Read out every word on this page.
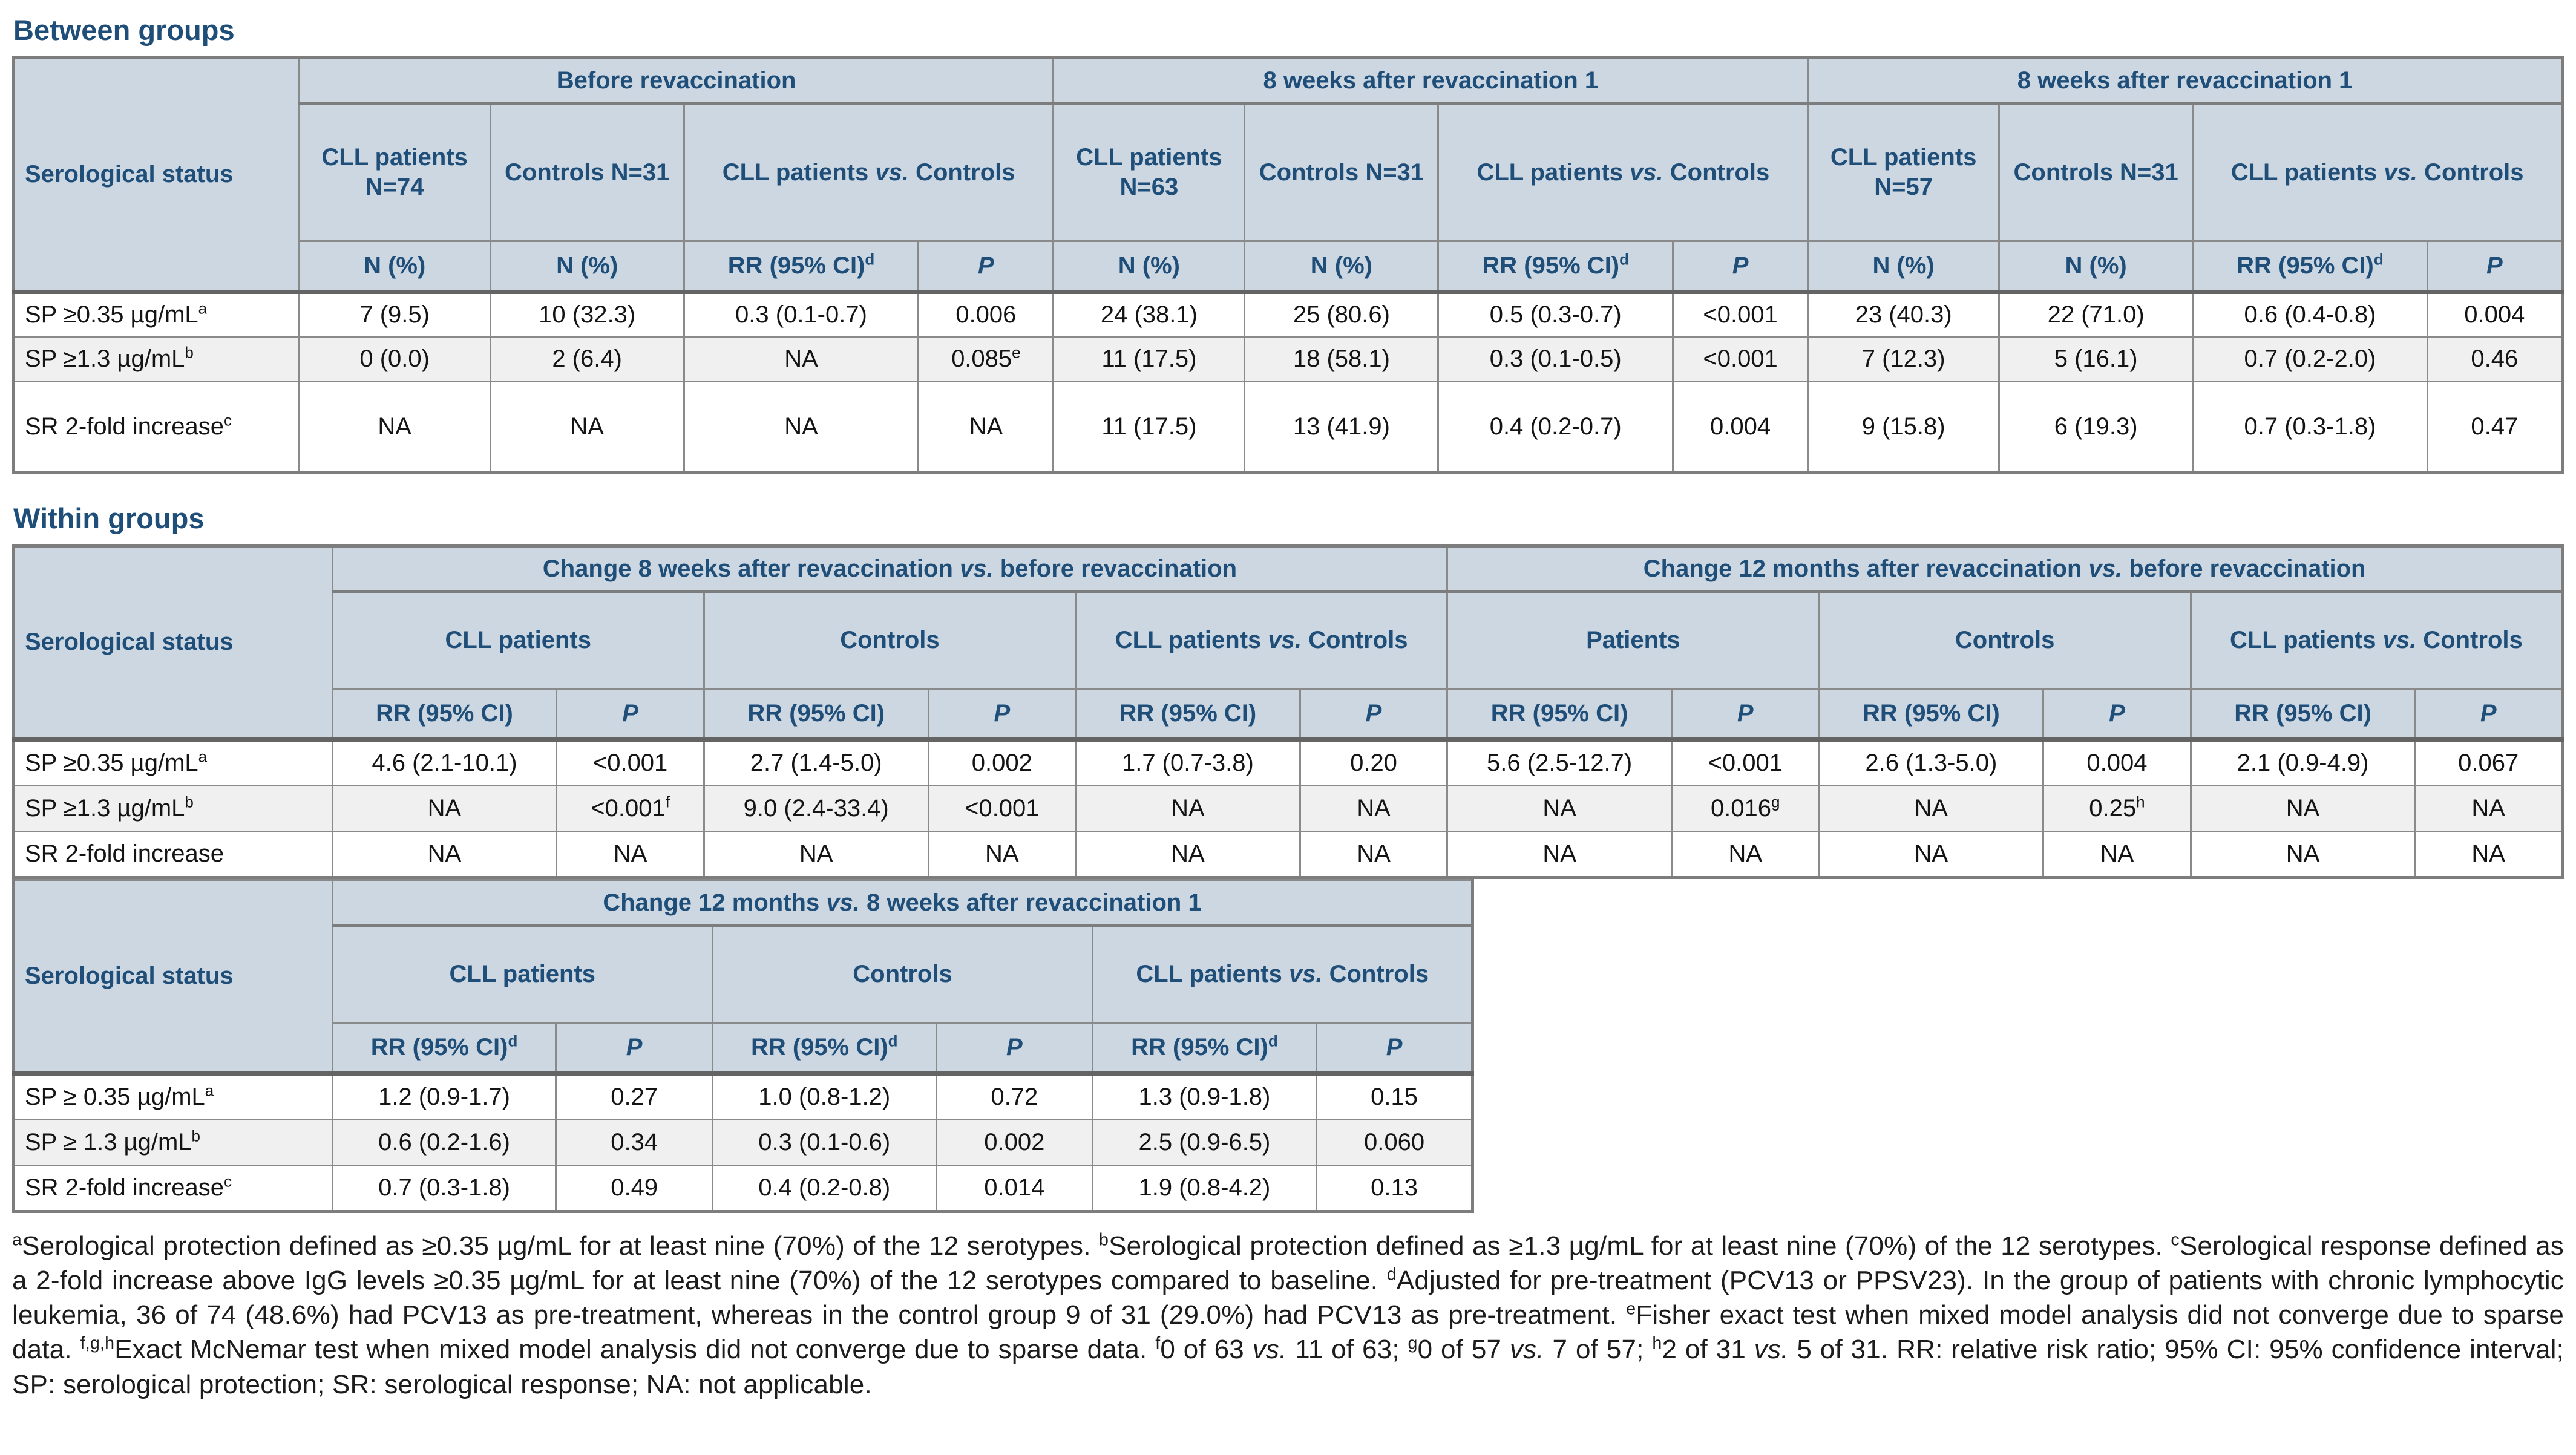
Between groups
Serological status	Before revaccination				8 weeks after revaccination 1				8 weeks after revaccination 1			
	CLL patients N=74	Controls N=31	CLL patients vs. Controls		CLL patients N=63	Controls N=31	CLL patients vs. Controls		CLL patients N=57	Controls N=31	CLL patients vs. Controls	
	N (%)	N (%)	RR (95% CI)$^d$	P	N (%)	N (%)	RR (95% CI)$^d$	P	N (%)	N (%)	RR (95% CI)$^d$	P
SP ≥0.35 $\mu g/mL^a$	7 (9.5)	10 (32.3)	0.3 (0.1-0.7)	0.006	24 (38.1)	25 (80.6)	0.5 (0.3-0.7)	<0.001	23 (40.3)	22 (71.0)	0.6 (0.4-0.8)	0.004
SP ≥1.3 $\mu g/mL^b$	0 (0.0)	2 (6.4)	NA	0.085e	11 (17.5)	18 (58.1)	0.3 (0.1-0.5)	<0.001	7 (12.3)	5 (16.1)	0.7 (0.2-2.0)	0.46
SR 2-fold increase$^c$	NA	NA	NA	NA	11 (17.5)	13 (41.9)	0.4 (0.2-0.7)	0.004	9 (15.8)	6 (19.3)	0.7 (0.3-1.8)	0.47
Within groups
Serological status	Change 8 weeks after revaccination vs. before revaccination						Change 12 months after revaccination vs. before revaccination					
	CLL patients		Controls		CLL patients vs. Controls		Patients		Controls		CLL patients vs. Controls	
	RR (95% CI)	P	RR (95% CI)	P	RR (95% CI)	P	RR (95% CI)	P	RR (95% CI)	P	RR (95% CI)	P
SP ≥0.35 $\mu g/mL^a$	4.6 (2.1-10.1)	<0.001	2.7 (1.4-5.0)	0.002	1.7 (0.7-3.8)	0.20	5.6 (2.5-12.7)	<0.001	2.6 (1.3-5.0)	0.004	2.1 (0.9-4.9)	0.067
SP ≥1.3 $\mu g/mL^b$	NA	<0.001$^f$	9.0 (2.4-33.4)	<0.001	NA	NA	NA	0.016$^g$	NA	0.25$^h$	NA	NA
SR 2-fold increase	NA	NA	NA	NA	NA	NA	NA	NA	NA	NA	NA	NA
Serological status	Change 12 months vs. 8 weeks after revaccination 1					
	CLL patients		Controls		CLL patients vs. Controls	
	RR (95% CI)$^d$	P	RR (95% CI)$^d$	P	RR (95% CI)$^d$	P
SP ≥ 0.35 $\mu g/mL^a$	1.2 (0.9-1.7)	0.27	1.0 (0.8-1.2)	0.72	1.3 (0.9-1.8)	0.15
SP ≥ 1.3 $\mu g/mL^b$	0.6 (0.2-1.6)	0.34	0.3 (0.1-0.6)	0.002	2.5 (0.9-6.5)	0.060
SR 2-fold increase$^c$	0.7 (0.3-1.8)	0.49	0.4 (0.2-0.8)	0.014	1.9 (0.8-4.2)	0.13

$^a$Serological protection defined as ≥0.35 µg/mL for at least nine (70%) of the 12 serotypes. $^b$Serological protection defined as ≥1.3 µg/mL for at least nine (70%) of the 12 serotypes. $^c$Serological response defined as a 2-fold increase above IgG levels ≥0.35 µg/mL for at least nine (70%) of the 12 serotypes compared to baseline. $^d$Adjusted for pre-treatment (PCV13 or PPSV23). In the group of patients with chronic lymphocytic leukemia, 36 of 74 (48.6%) had PCV13 as pre-treatment, whereas in the control group 9 of 31 (29.0%) had PCV13 as pre-treatment. $^e$Fisher exact test when mixed model analysis did not converge due to sparse data. $^{f,g,h}$Exact McNemar test when mixed model analysis did not converge due to sparse data. $^f$0 of 63 vs. 11 of 63; $^g$0 of 57 vs. 7 of 57; $^h$2 of 31 vs. 5 of 31. RR: relative risk ratio; 95% CI: 95% confidence interval; SP: serological protection; SR: serological response; NA: not applicable.
